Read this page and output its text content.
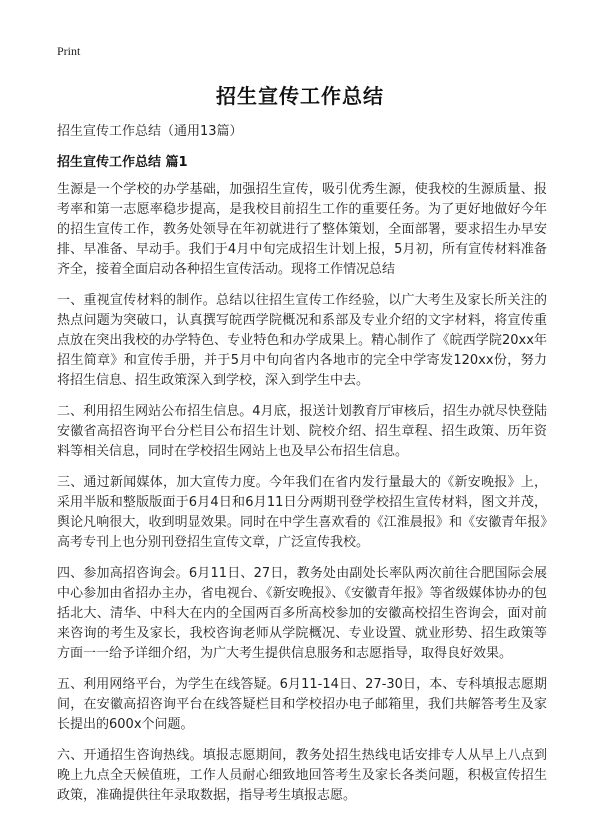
Print
招生宣传工作总结
招生宣传工作总结（通用13篇）
招生宣传工作总结 篇1

生源是一个学校的办学基础，加强招生宣传，吸引优秀生源，使我校的生源质量、报考率和第一志愿率稳步提高，是我校目前招生工作的重要任务。为了更好地做好今年的招生宣传工作，教务处领导在年初就进行了整体策划，全面部署，要求招生办早安排、早准备、早动手。我们于4月中旬完成招生计划上报，5月初，所有宣传材料准备齐全，接着全面启动各种招生宣传活动。现将工作情况总结

一、重视宣传材料的制作。总结以往招生宣传工作经验，以广大考生及家长所关注的热点问题为突破口，认真撰写皖西学院概况和系部及专业介绍的文字材料，将宣传重点放在突出我校的办学特色、专业特色和办学成果上。精心制作了《皖西学院20xx年招生简章》和宣传手册，并于5月中旬向省内各地市的完全中学寄发120xx份，努力将招生信息、招生政策深入到学校，深入到学生中去。

二、利用招生网站公布招生信息。4月底，报送计划教育厅审核后，招生办就尽快登陆安徽省高招咨询平台分栏目公布招生计划、院校介绍、招生章程、招生政策、历年资料等相关信息，同时在学校招生网站上也及早公布招生信息。

三、通过新闻媒体，加大宣传力度。今年我们在省内发行量最大的《新安晚报》上，采用半版和整版版面于6月4日和6月11日分两期刊登学校招生宣传材料，图文并茂，舆论凡响很大，收到明显效果。同时在中学生喜欢看的《江淮晨报》和《安徽青年报》高考专刊上也分别刊登招生宣传文章，广泛宣传我校。

四、参加高招咨询会。6月11日、27日，教务处由副处长率队两次前往合肥国际会展中心参加由省招办主办，省电视台、《新安晚报》、《安徽青年报》等省级媒体协办的包括北大、清华、中科大在内的全国两百多所高校参加的安徽高校招生咨询会，面对前来咨询的考生及家长，我校咨询老师从学院概况、专业设置、就业形势、招生政策等方面一一给予详细介绍，为广大考生提供信息服务和志愿指导，取得良好效果。

五、利用网络平台，为学生在线答疑。6月11-14日、27-30日，本、专科填报志愿期间，在安徽高招咨询平台在线答疑栏目和学校招办电子邮箱里，我们共解答考生及家长提出的600x个问题。

六、开通招生咨询热线。填报志愿期间，教务处招生热线电话安排专人从早上八点到晚上九点全天候值班，工作人员耐心细致地回答考生及家长各类问题，积极宣传招生政策，准确提供往年录取数据，指导考生填报志愿。
